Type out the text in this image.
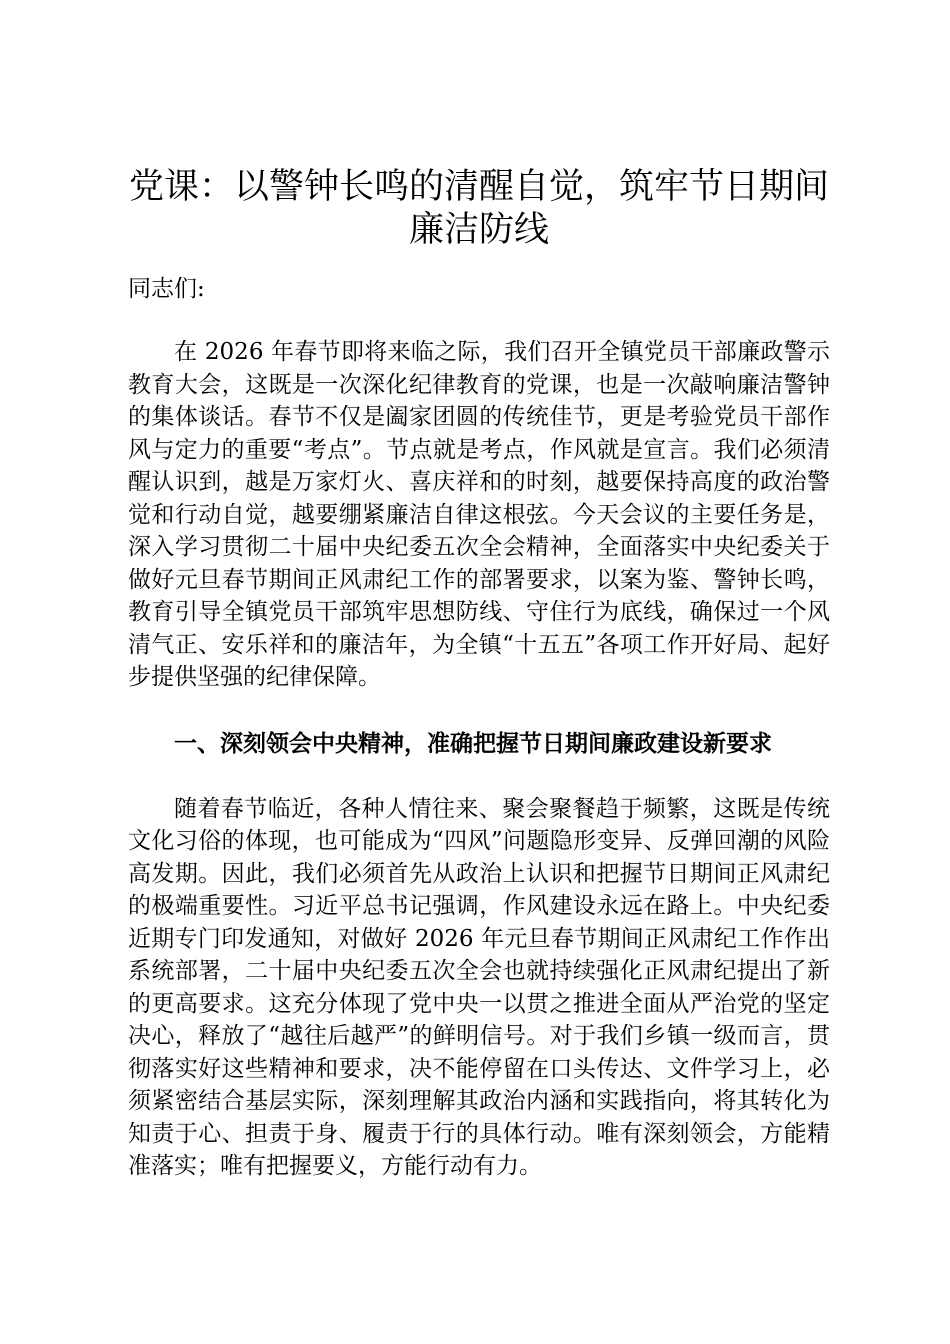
党课：以警钟长鸣的清醒自觉，筑牢节日期间廉洁防线

同志们:

在 2026 年春节即将来临之际，我们召开全镇党员干部廉政警示教育大会，这既是一次深化纪律教育的党课，也是一次敲响廉洁警钟的集体谈话。春节不仅是阖家团圆的传统佳节，更是考验党员干部作风与定力的重要“考点”。节点就是考点，作风就是宣言。我们必须清醒认识到，越是万家灯火、喜庆祥和的时刻，越要保持高度的政治警觉和行动自觉，越要绷紧廉洁自律这根弦。今天会议的主要任务是，深入学习贯彻二十届中央纪委五次全会精神，全面落实中央纪委关于做好元旦春节期间正风肃纪工作的部署要求，以案为鉴、警钟长鸣，教育引导全镇党员干部筑牢思想防线、守住行为底线，确保过一个风清气正、安乐祥和的廉洁年，为全镇“十五五”各项工作开好局、起好步提供坚强的纪律保障。

一、深刻领会中央精神，准确把握节日期间廉政建设新要求

随着春节临近，各种人情往来、聚会聚餐趋于频繁，这既是传统文化习俗的体现，也可能成为“四风”问题隐形变异、反弹回潮的风险高发期。因此，我们必须首先从政治上认识和把握节日期间正风肃纪的极端重要性。习近平总书记强调，作风建设永远在路上。中央纪委近期专门印发通知，对做好 2026 年元旦春节期间正风肃纪工作作出系统部署，二十届中央纪委五次全会也就持续强化正风肃纪提出了新的更高要求。这充分体现了党中央一以贯之推进全面从严治党的坚定决心，释放了“越往后越严”的鲜明信号。对于我们乡镇一级而言，贯彻落实好这些精神和要求，决不能停留在口头传达、文件学习上，必须紧密结合基层实际，深刻理解其政治内涵和实践指向，将其转化为知责于心、担责于身、履责于行的具体行动。唯有深刻领会，方能精准落实；唯有把握要义，方能行动有力。
